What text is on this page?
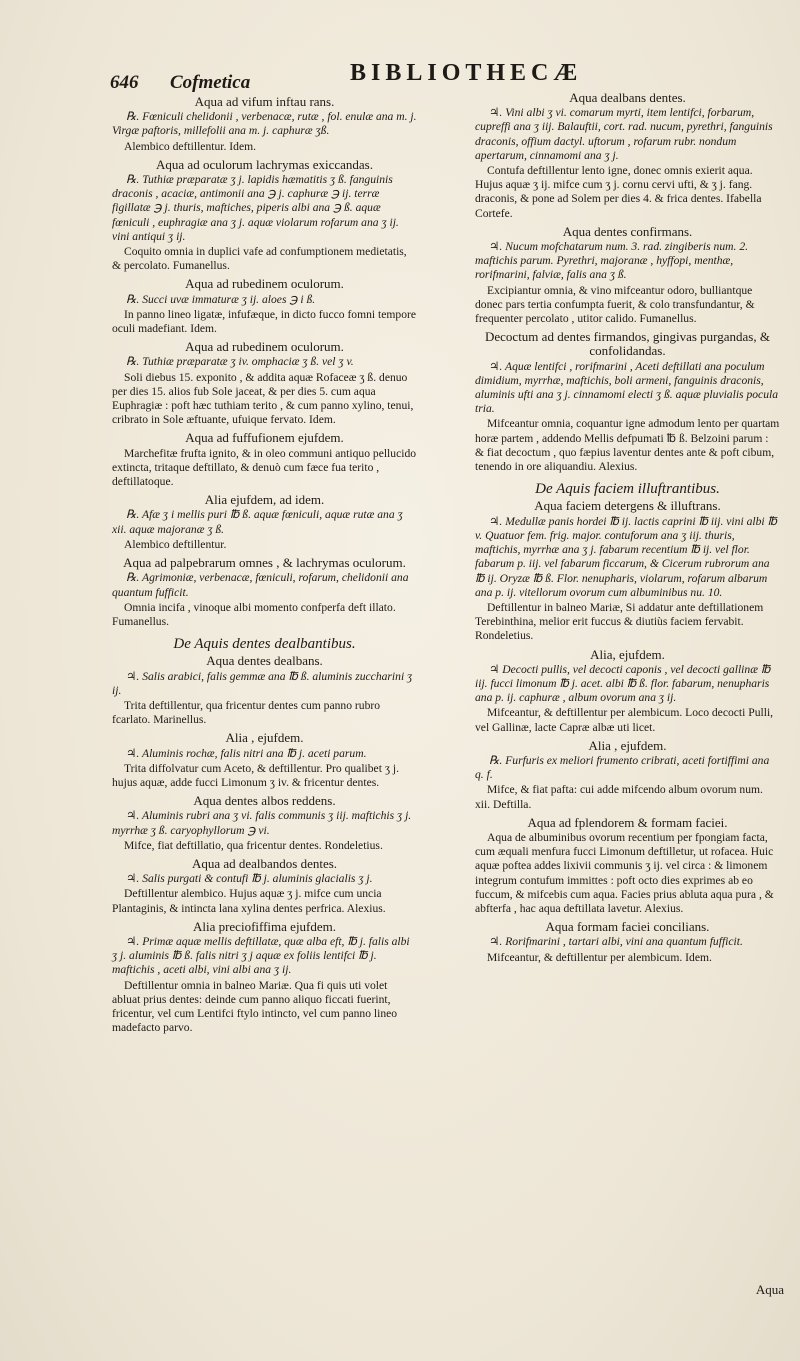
646 Cofmetica	BIBLIOTHECÆ
Aqua ad vifum inftau rans.
℞. Fœniculi chelidonii , verbenacæ, rutæ , fol. enulæ ana m. j. Virgæ paftoris, millefolii ana m. j. caphuræ ʒß.
Alembico deftillentur. Idem.
Aqua ad oculorum lachrymas exiccandas.
℞. Tuthiæ præparatæ ʒ j. lapidis hæmatitis ʒ ß. fanguinis draconis , acaciæ, antimonii ana ℈ j. caphuræ ℈ ij. terræ figillatæ ℈ j. thuris, maftiches, piperis albi ana ℈ ß. aquæ fœniculi , euphragiæ ana ʒ j. aquæ violarum rofarum ana ʒ ij. vini antiqui ʒ ij.
Coquito omnia in duplici vafe ad confumptionem medietatis, & percolato. Fumanellus.
Aqua ad rubedinem oculorum.
℞. Succi uvæ immaturæ ʒ ij. aloes ℈ i ß.
In panno lineo ligatæ, infufæque, in dicto fucco fomni tempore oculi madefiant. Idem.
Aqua ad rubedinem oculorum.
℞. Tuthiæ præparatæ ʒ iv. omphaciæ ʒ ß. vel ʒ v.
Soli diebus 15. exponito , & addita aquæ Rofaceæ ʒ ß. denuo per dies 15. alios fub Sole jaceat, & per dies 5. cum aqua Euphragiæ : poft hæc tuthiam terito , & cum panno xylino, tenui, cribrato in Sole æftuante, ufuique fervato. Idem.
Aqua ad fuffufionem ejufdem.
Marchefitæ frufta ignito, & in oleo communi antiquo pellucido extincta, tritaque deftillato, & denuò cum fæce fua terito , deftillatoque.
Alia ejufdem, ad idem.
℞. Afæ ʒ i mellis puri ℔ ß. aquæ fœniculi, aquæ rutæ ana ʒ xii. aquæ majoranæ ʒ ß.
Alembico deftillentur.
Aqua ad palpebrarum omnes , & lachrymas oculorum.
℞. Agrimoniæ, verbenacæ, fœniculi, rofarum, chelidonii ana quantum fufficit.
Omnia incifa , vinoque albi momento confperfa deft illato. Fumanellus.
De Aquis dentes dealbantibus.
Aqua dentes dealbans.
♃. Salis arabici, falis gemmæ ana ℔ ß. aluminis zuccharini ʒ ij.
Trita deftillentur, qua fricentur dentes cum panno rubro fcarlato. Marinellus.
Alia , ejufdem.
♃. Aluminis rochæ, falis nitri ana ℔ j. aceti parum.
Trita diffolvatur cum Aceto, & deftillentur. Pro qualibet ʒ j. hujus aquæ, adde fucci Limonum ʒ iv. & fricentur dentes.
Aqua dentes albos reddens.
♃. Aluminis rubri ana ʒ vi. falis communis ʒ iij. maftichis ʒ j. myrrhæ ʒ ß. caryophyllorum ℈ vi.
Mifce, fiat deftillatio, qua fricentur dentes. Rondeletius.
Aqua ad dealbandos dentes.
♃. Salis purgati & contufi ℔ j. aluminis glacialis ʒ j.
Deftillentur alembico. Hujus aquæ ʒ j. mifce cum uncia Plantaginis, & intincta lana xylina dentes perfrica. Alexius.
Alia preciofiffima ejufdem.
♃. Primæ aquæ mellis deftillatæ, quæ alba eft, ℔ j. falis albi ʒ j. aluminis ℔ ß. falis nitri ʒ j aquæ ex foliis lentifci ℔ j. maftichis , aceti albi, vini albi ana ʒ ij.
Deftillentur omnia in balneo Mariæ. Qua fi quis uti volet abluat prius dentes: deinde cum panno aliquo ficcati fuerint, fricentur, vel cum Lentifci ftylo intincto, vel cum panno lineo madefacto parvo.
Aqua dealbans dentes.
♃. Vini albi ʒ vi. comarum myrti, item lentifci, forbarum, cupreffi ana ʒ iij. Balauftii, cort. rad. nucum, pyrethri, fanguinis draconis, offium dactyl. uftorum , rofarum rubr. nondum apertarum, cinnamomi ana ʒ j.
Contufa deftillentur lento igne, donec omnis exierit aqua. Hujus aquæ ʒ ij. mifce cum ʒ j. cornu cervi ufti, & ʒ j. fang. draconis, & pone ad Solem per dies 4. & frica dentes. Ifabella Cortefe.
Aqua dentes confirmans.
♃. Nucum mofchatarum num. 3. rad. zingiberis num. 2. maftichis parum. Pyrethri, majoranæ , hyffopi, menthæ, rorifmarini, falviæ, falis ana ʒ ß.
Excipiantur omnia, & vino mifceantur odoro, bulliantque donec pars tertia confumpta fuerit, & colo transfundantur, & frequenter percolato , utitor calido. Fumanellus.
Decoctum ad dentes firmandos, gingivas purgandas, & confolidandas.
♃. Aquæ lentifci , rorifmarini , Aceti deftillati ana poculum dimidium, myrrhæ, maftichis, boli armeni, fanguinis draconis, aluminis ufti ana ʒ j. cinnamomi electi ʒ ß. aquæ pluvialis pocula tria.
Mifceantur omnia, coquantur igne admodum lento per quartam horæ partem , addendo Mellis defpumati ℔ ß. Belzoini parum : & fiat decoctum , quo fæpius laventur dentes ante & poft cibum, tenendo in ore aliquandiu. Alexius.
De Aquis faciem illuftrantibus.
Aqua faciem detergens & illuftrans.
♃. Medullæ panis hordei ℔ ij. lactis caprini ℔ iij. vini albi ℔ v. Quatuor fem. frig. major. contuforum ana ʒ iij. thuris, maftichis, myrrhæ ana ʒ j. fabarum recentium ℔ ij. vel flor. fabarum p. iij. vel fabarum ficcarum, & Cicerum rubrorum ana ℔ ij. Oryzæ ℔ ß. Flor. nenupharis, violarum, rofarum albarum ana p. ij. vitellorum ovorum cum albuminibus nu. 10.
Deftillentur in balneo Mariæ, Si addatur ante deftillationem Terebinthina, melior erit fuccus & diutiùs faciem fervabit. Rondeletius.
Alia, ejufdem.
♃ Decocti pullis, vel decocti caponis , vel decocti gallinæ ℔ iij. fucci limonum ℔ j. acet. albi ℔ ß. flor. fabarum, nenupharis ana p. ij. caphuræ , album ovorum ana ʒ ij.
Mifceantur, & deftillentur per alembicum. Loco decocti Pulli, vel Gallinæ, lacte Capræ albæ uti licet.
Alia , ejufdem.
℞. Furfuris ex meliori frumento cribrati, aceti fortiffimi ana q. f.
Mifce, & fiat pafta: cui adde mifcendo album ovorum num. xii. Deftilla.
Aqua ad fplendorem & formam faciei.
Aqua de albuminibus ovorum recentium per fpongiam facta, cum æquali menfura fucci Limonum deftilletur, ut rofacea. Huic aquæ poftea addes lixivii communis ʒ ij. vel circa : & limonem integrum contufum immittes : poft octo dies exprimes ab eo fuccum, & mifcebis cum aqua. Facies prius abluta aqua pura , & abfterfa , hac aqua deftillata lavetur. Alexius.
Aqua formam faciei concilians.
♃. Rorifmarini , tartari albi, vini ana quantum fufficit.
Mifceantur, & deftillentur per alembicum. Idem.
Aqua
